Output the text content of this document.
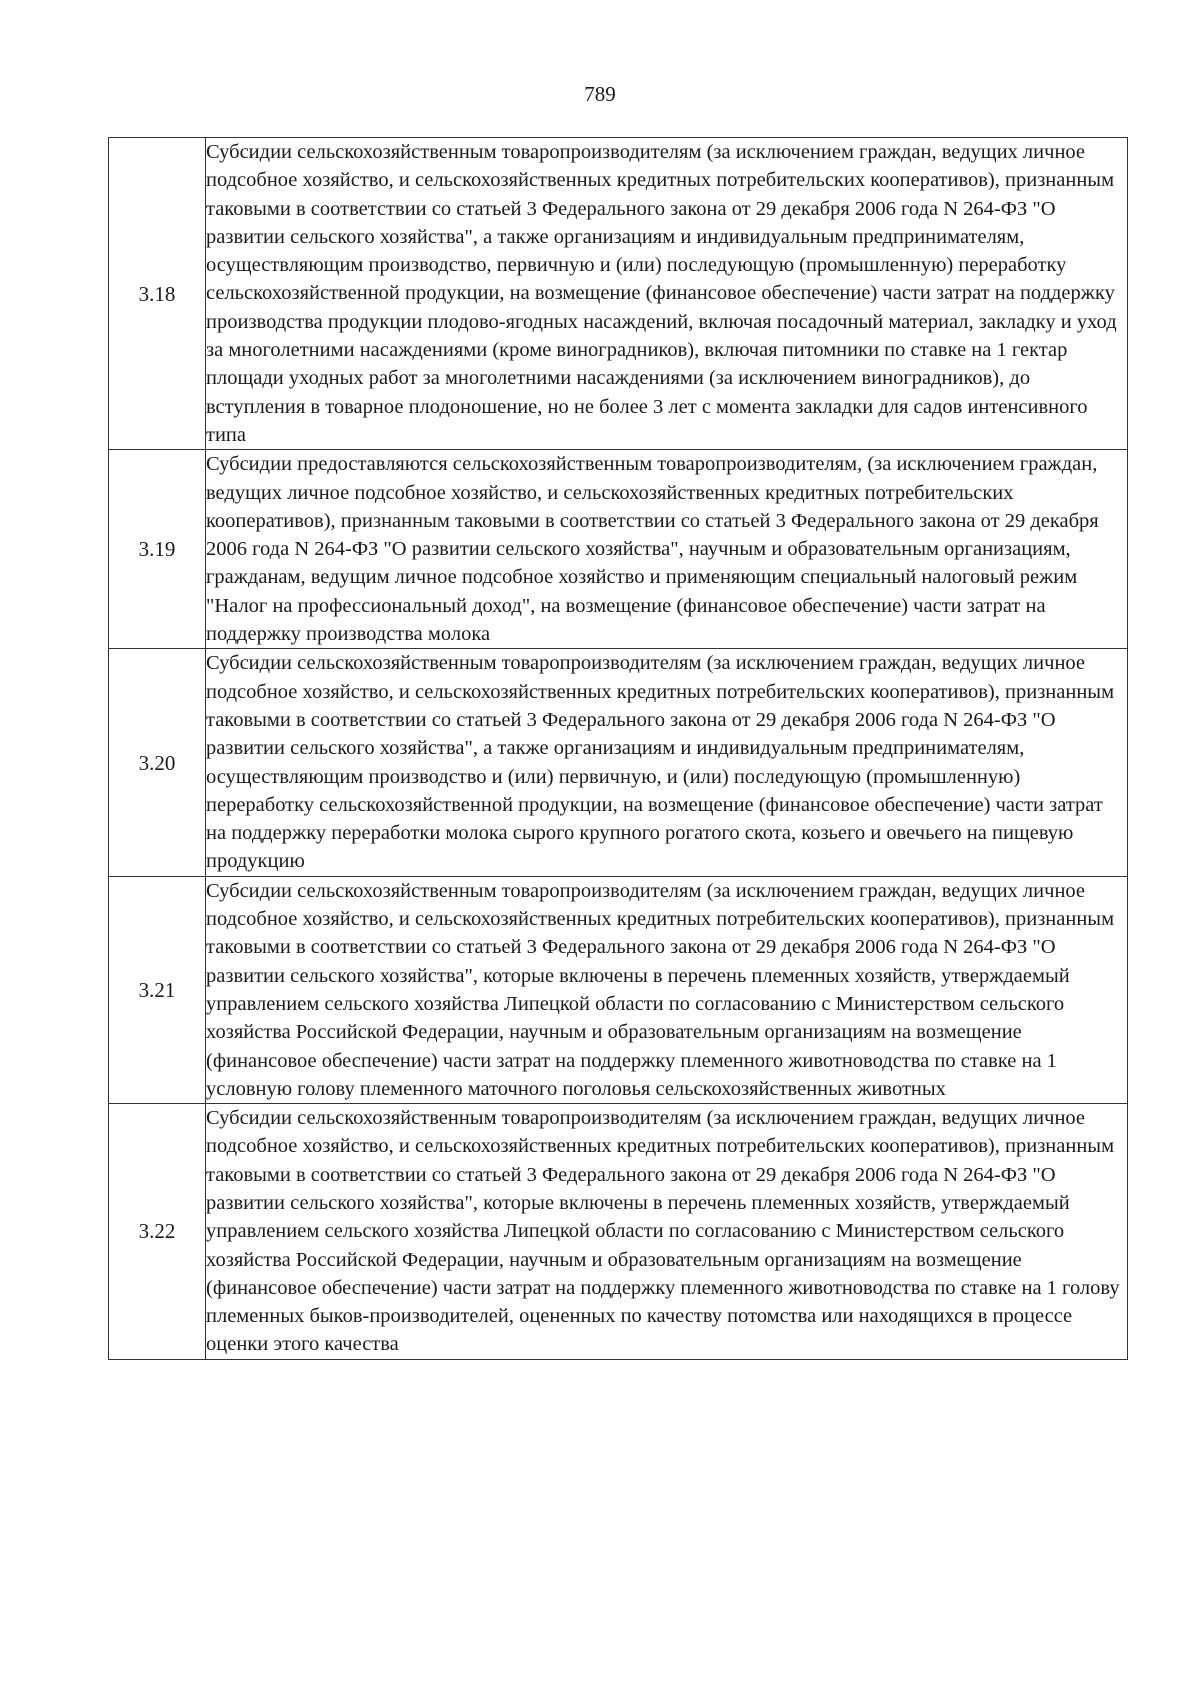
789
3.18	Субсидии сельскохозяйственным товаропроизводителям (за исключением граждан, ведущих личное подсобное хозяйство, и сельскохозяйственных кредитных потребительских кооперативов), признанным таковыми в соответствии со статьей 3 Федерального закона от 29 декабря 2006 года N 264-ФЗ "О развитии сельского хозяйства", а также организациям и индивидуальным предпринимателям, осуществляющим производство, первичную и (или) последующую (промышленную) переработку сельскохозяйственной продукции, на возмещение (финансовое обеспечение) части затрат на поддержку производства продукции плодово-ягодных насаждений, включая посадочный материал, закладку и уход за многолетними насаждениями (кроме виноградников), включая питомники по ставке на 1 гектар площади уходных работ за многолетними насаждениями (за исключением виноградников), до вступления в товарное плодоношение, но не более 3 лет с момента закладки для садов интенсивного типа
3.19	Субсидии предоставляются сельскохозяйственным товаропроизводителям, (за исключением граждан, ведущих личное подсобное хозяйство, и сельскохозяйственных кредитных потребительских кооперативов), признанным таковыми в соответствии со статьей 3 Федерального закона от 29 декабря 2006 года N 264-ФЗ "О развитии сельского хозяйства", научным и образовательным организациям, гражданам, ведущим личное подсобное хозяйство и применяющим специальный налоговый режим "Налог на профессиональный доход", на возмещение (финансовое обеспечение) части затрат на поддержку производства молока
3.20	Субсидии сельскохозяйственным товаропроизводителям (за исключением граждан, ведущих личное подсобное хозяйство, и сельскохозяйственных кредитных потребительских кооперативов), признанным таковыми в соответствии со статьей 3 Федерального закона от 29 декабря 2006 года N 264-ФЗ "О развитии сельского хозяйства", а также организациям и индивидуальным предпринимателям, осуществляющим производство и (или) первичную, и (или) последующую (промышленную) переработку сельскохозяйственной продукции, на возмещение (финансовое обеспечение) части затрат на поддержку переработки молока сырого крупного рогатого скота, козьего и овечьего на пищевую продукцию
3.21	Субсидии сельскохозяйственным товаропроизводителям (за исключением граждан, ведущих личное подсобное хозяйство, и сельскохозяйственных кредитных потребительских кооперативов), признанным таковыми в соответствии со статьей 3 Федерального закона от 29 декабря 2006 года N 264-ФЗ "О развитии сельского хозяйства", которые включены в перечень племенных хозяйств, утверждаемый управлением сельского хозяйства Липецкой области по согласованию с Министерством сельского хозяйства Российской Федерации, научным и образовательным организациям на возмещение (финансовое обеспечение) части затрат на поддержку племенного животноводства по ставке на 1 условную голову племенного маточного поголовья сельскохозяйственных животных
3.22	Субсидии сельскохозяйственным товаропроизводителям (за исключением граждан, ведущих личное подсобное хозяйство, и сельскохозяйственных кредитных потребительских кооперативов), признанным таковыми в соответствии со статьей 3 Федерального закона от 29 декабря 2006 года N 264-ФЗ "О развитии сельского хозяйства", которые включены в перечень племенных хозяйств, утверждаемый управлением сельского хозяйства Липецкой области по согласованию с Министерством сельского хозяйства Российской Федерации, научным и образовательным организациям на возмещение (финансовое обеспечение) части затрат на поддержку племенного животноводства по ставке на 1 голову племенных быков-производителей, оцененных по качеству потомства или находящихся в процессе оценки этого качества
